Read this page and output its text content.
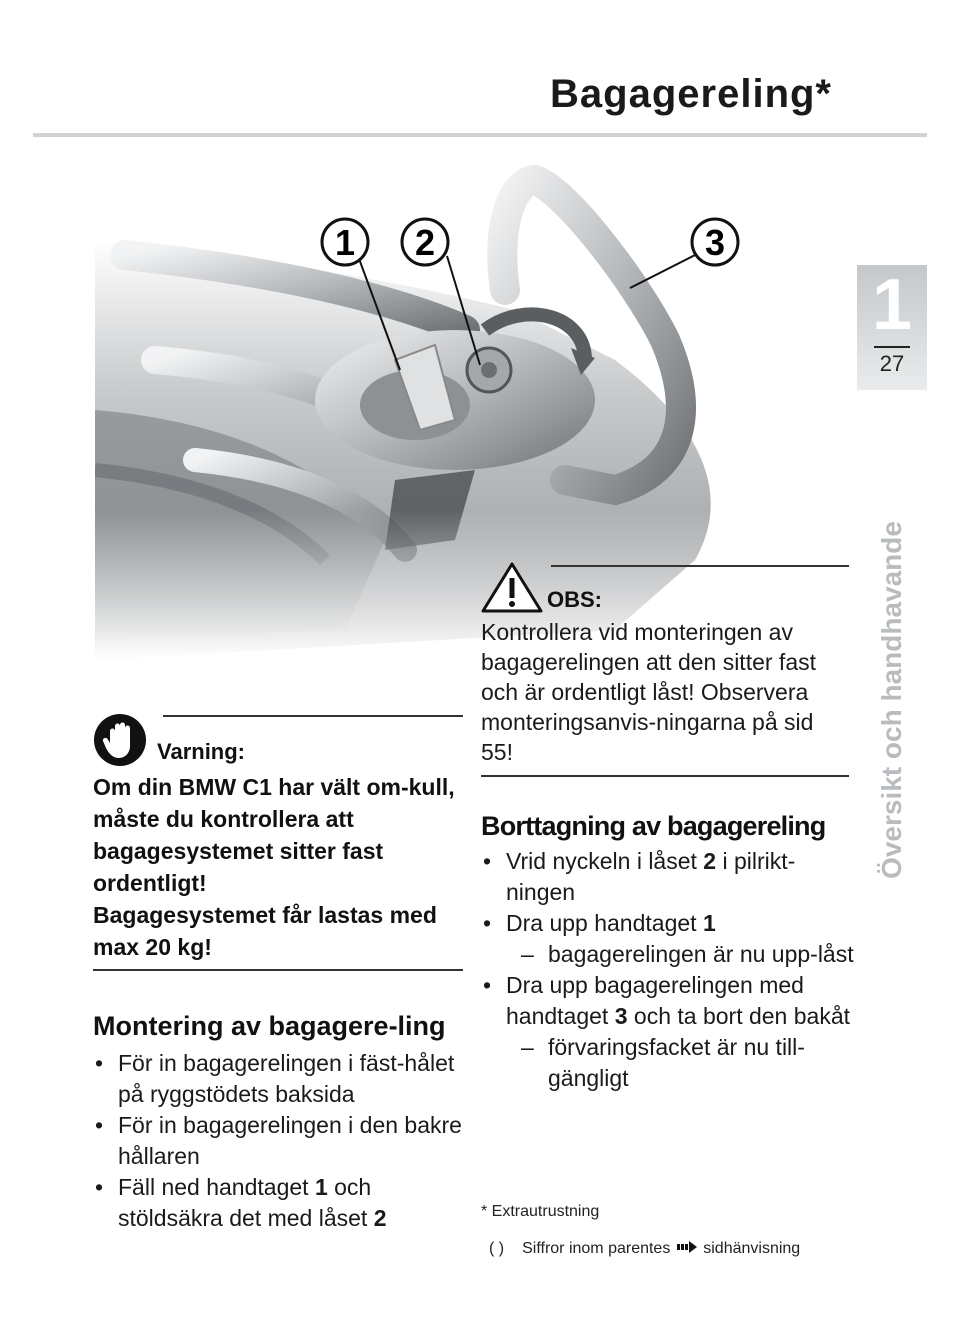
Bagagereling*
1
27
Översikt och handhavande
1 2	3
Varning:
Om din BMW C1 har vält om-kull, måste du kontrollera att bagagesystemet sitter fast ordentligt!
Bagagesystemet får lastas med max 20 kg!
Montering av bagagere-ling
• För in bagagerelingen i fäst-hålet på ryggstödets baksida
• För in bagagerelingen i den bakre hållaren
• Fäll ned handtaget 1 och stöldsäkra det med låset 2
OBS:
Kontrollera vid monteringen av bagagerelingen att den sitter fast och är ordentligt låst! Observera monteringsanvis-ningarna på sid 55!
Borttagning av bagagereling
• Vrid nyckeln i låset 2 i pilrikt-ningen
• Dra upp handtaget 1
– bagagerelingen är nu upp-låst
• Dra upp bagagerelingen med handtaget 3 och ta bort den bakåt
– förvaringsfacket är nu till-gängligt
* Extrautrustning
( ) Siffror inom parentes sidhänvisning
